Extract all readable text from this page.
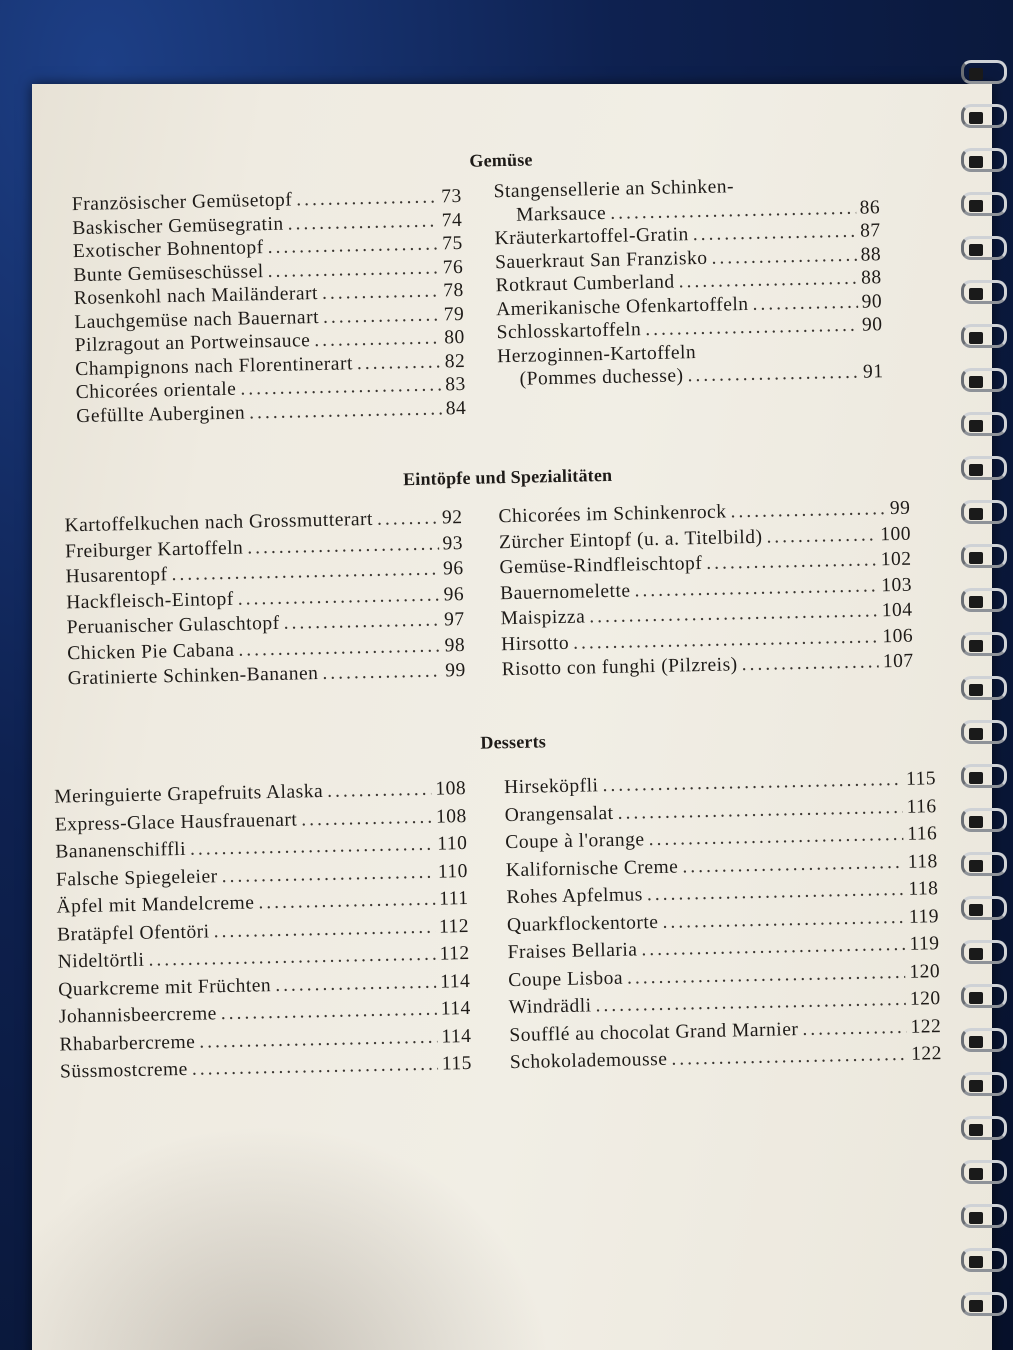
Gemüse
Französischer Gemüsetopf .....	73
Baskischer Gemüsegratin .....	74
Exotischer Bohnentopf .....	75
Bunte Gemüseschüssel .....	76
Rosenkohl nach Mailänderart .....	78
Lauchgemüse nach Bauernart .....	79
Pilzragout an Portweinsauce .....	80
Champignons nach Florentinerart .....	82
Chicorées orientale .....	83
Gefüllte Auberginen .....	84
Stangensellerie an Schinken-
Marksauce .....	86
Kräuterkartoffel-Gratin .....	87
Sauerkraut San Franzisko .....	88
Rotkraut Cumberland .....	88
Amerikanische Ofenkartoffeln .....	90
Schlosskartoffeln .....	90
Herzoginnen-Kartoffeln
(Pommes duchesse) .....	91
Eintöpfe und Spezialitäten
Kartoffelkuchen nach Grossmutterart .....	92
Freiburger Kartoffeln .....	93
Husarentopf .....	96
Hackfleisch-Eintopf .....	96
Peruanischer Gulaschtopf .....	97
Chicken Pie Cabana .....	98
Gratinierte Schinken-Bananen .....	99
Chicorées im Schinkenrock .....	99
Zürcher Eintopf (u. a. Titelbild) .....	100
Gemüse-Rindfleischtopf .....	102
Bauernomelette .....	103
Maispizza .....	104
Hirsotto .....	106
Risotto con funghi (Pilzreis) .....	107
Desserts
Meringuierte Grapefruits Alaska .....	108
Express-Glace Hausfrauenart .....	108
Bananenschiffli .....	110
Falsche Spiegeleier .....	110
Äpfel mit Mandelcreme .....	111
Bratäpfel Ofentöri .....	112
Nideltörtli .....	112
Quarkcreme mit Früchten .....	114
Johannisbeercreme .....	114
Rhabarbercreme .....	114
Süssmostcreme .....	115
Hirseköpfli .....	115
Orangensalat .....	116
Coupe à l'orange .....	116
Kalifornische Creme .....	118
Rohes Apfelmus .....	118
Quarkflockentorte .....	119
Fraises Bellaria .....	119
Coupe Lisboa .....	120
Windrädli .....	120
Soufflé au chocolat Grand Marnier .....	122
Schokolademousse .....	122
